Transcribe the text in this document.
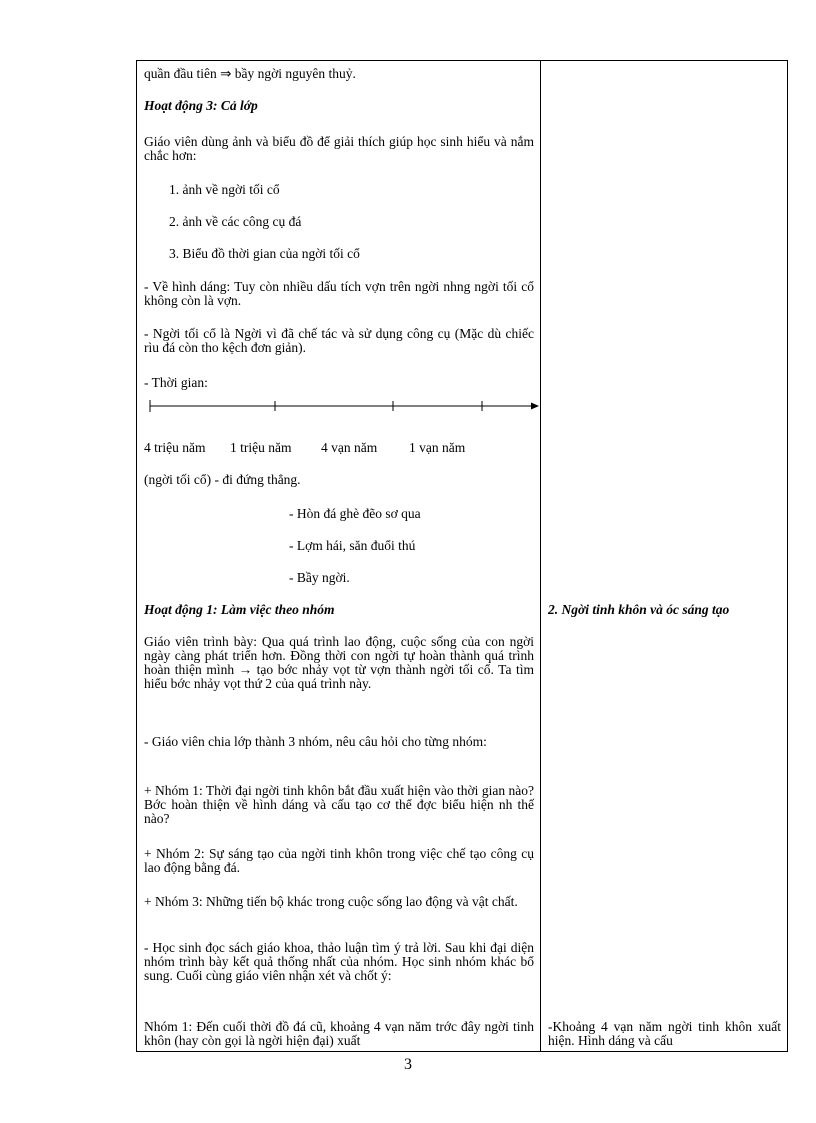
quần đầu tiên ⇒ bầy ngời nguyên thuỷ.

Hoạt động 3: Cả lớp

Giáo viên dùng ảnh và biểu đồ để giải thích giúp học sinh hiểu và nắm chắc hơn:

1. ảnh về ngời tối cổ

2. ảnh về các công cụ đá

3. Biểu đồ thời gian của ngời tối cổ

- Về hình dáng: Tuy còn nhiều dấu tích vợn trên ngời nhng ngời tối cổ không còn là vợn.

- Ngời tối cổ là Ngời vì đã chế tác và sử dụng công cụ (Mặc dù chiếc rìu đá còn tho kệch đơn giản).

- Thời gian:

4 triệu năm 1 triệu năm 4 vạn năm 1 vạn năm

(ngời tối cổ) - đi đứng thẳng.

- Hòn đá ghè đẽo sơ qua

- Lợm hái, săn đuổi thú

- Bầy ngời.

Hoạt động 1: Làm việc theo nhóm

Giáo viên trình bày: Qua quá trình lao động, cuộc sống của con ngời ngày càng phát triển hơn. Đồng thời con ngời tự hoàn thành quá trình hoàn thiện mình → tạo bớc nhảy vọt từ vợn thành ngời tối cổ. Ta tìm hiểu bớc nhảy vọt thứ 2 của quá trình này.

- Giáo viên chia lớp thành 3 nhóm, nêu câu hỏi cho từng nhóm:

+ Nhóm 1: Thời đại ngời tinh khôn bắt đầu xuất hiện vào thời gian nào? Bớc hoàn thiện về hình dáng và cấu tạo cơ thể đợc biểu hiện nh thế nào?

+ Nhóm 2: Sự sáng tạo của ngời tinh khôn trong việc chế tạo công cụ lao động bằng đá.

+ Nhóm 3: Những tiến bộ khác trong cuộc sống lao động và vật chất.

- Học sinh đọc sách giáo khoa, thảo luận tìm ý trả lời. Sau khi đại diện nhóm trình bày kết quả thống nhất của nhóm. Học sinh nhóm khác bổ sung. Cuối cùng giáo viên nhận xét và chốt ý:

Nhóm 1: Đến cuối thời đồ đá cũ, khoảng 4 vạn năm trớc đây ngời tinh khôn (hay còn gọi là ngời hiện đại) xuất

2. Ngời tinh khôn và óc sáng tạo

-Khoảng 4 vạn năm ngời tinh khôn xuất hiện. Hình dáng và cấu

3
